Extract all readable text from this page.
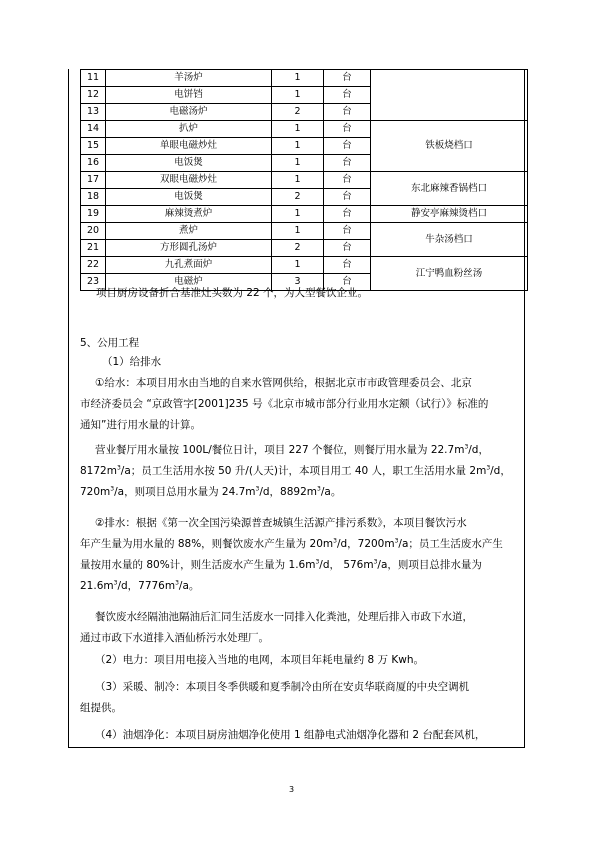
11	羊汤炉	1	台	
12	电饼铛	1	台	
13	电磁汤炉	2	台	
14	扒炉	1	台	铁板烧档口
15	单眼电磁炒灶	1	台	
16	电饭煲	1	台	
17	双眼电磁炒灶	1	台	东北麻辣香锅档口
18	电饭煲	2	台	
19	麻辣烫煮炉	1	台	静安亭麻辣烫档口
20	煮炉	1	台	牛杂汤档口
21	方形圆孔汤炉	2	台	
22	九孔煮面炉	1	台	江宁鸭血粉丝汤
23	电磁炉	3	台	
项目厨房设备折合基准灶头数为 22 个，为大型餐饮企业。
5、公用工程
（1）给排水

①给水：本项目用水由当地的自来水管网供给，根据北京市市政管理委员会、北京

市经济委员会 “京政管字[2001]235 号《北京市城市部分行业用水定额（试行）》标准的

通知”进行用水量的计算。

营业餐厅用水量按 100L/餐位日计，项目 227 个餐位，则餐厅用水量为 $22.7m^3/d$，

$8172m^3/a$；员工生活用水按 50 升/(人天)计，本项目用工 40 人，职工生活用水量 $2m^3/d$，

$720m^3/a$，则项目总用水量为 $24.7m^3/d$，$8892m^3/a$。

②排水：根据《第一次全国污染源普查城镇生活源产排污系数》，本项目餐饮污水

年产生量为用水量的 88%，则餐饮废水产生量为 $20m^3/d$，$7200m^3/a$；员工生活废水产生

量按用水量的 80%计，则生活废水产生量为 $1.6m^3/d$， $576m^3/a$，则项目总排水量为

$21.6m^3/d$，$7776m^3/a$。

餐饮废水经隔油池隔油后汇同生活废水一同排入化粪池，处理后排入市政下水道，

通过市政下水道排入酒仙桥污水处理厂。

（2）电力：项目用电接入当地的电网，本项目年耗电量约 8 万 Kwh。

（3）采暖、制冷：本项目冬季供暖和夏季制冷由所在安贞华联商厦的中央空调机

组提供。

（4）油烟净化：本项目厨房油烟净化使用 1 组静电式油烟净化器和 2 台配套风机，
3
